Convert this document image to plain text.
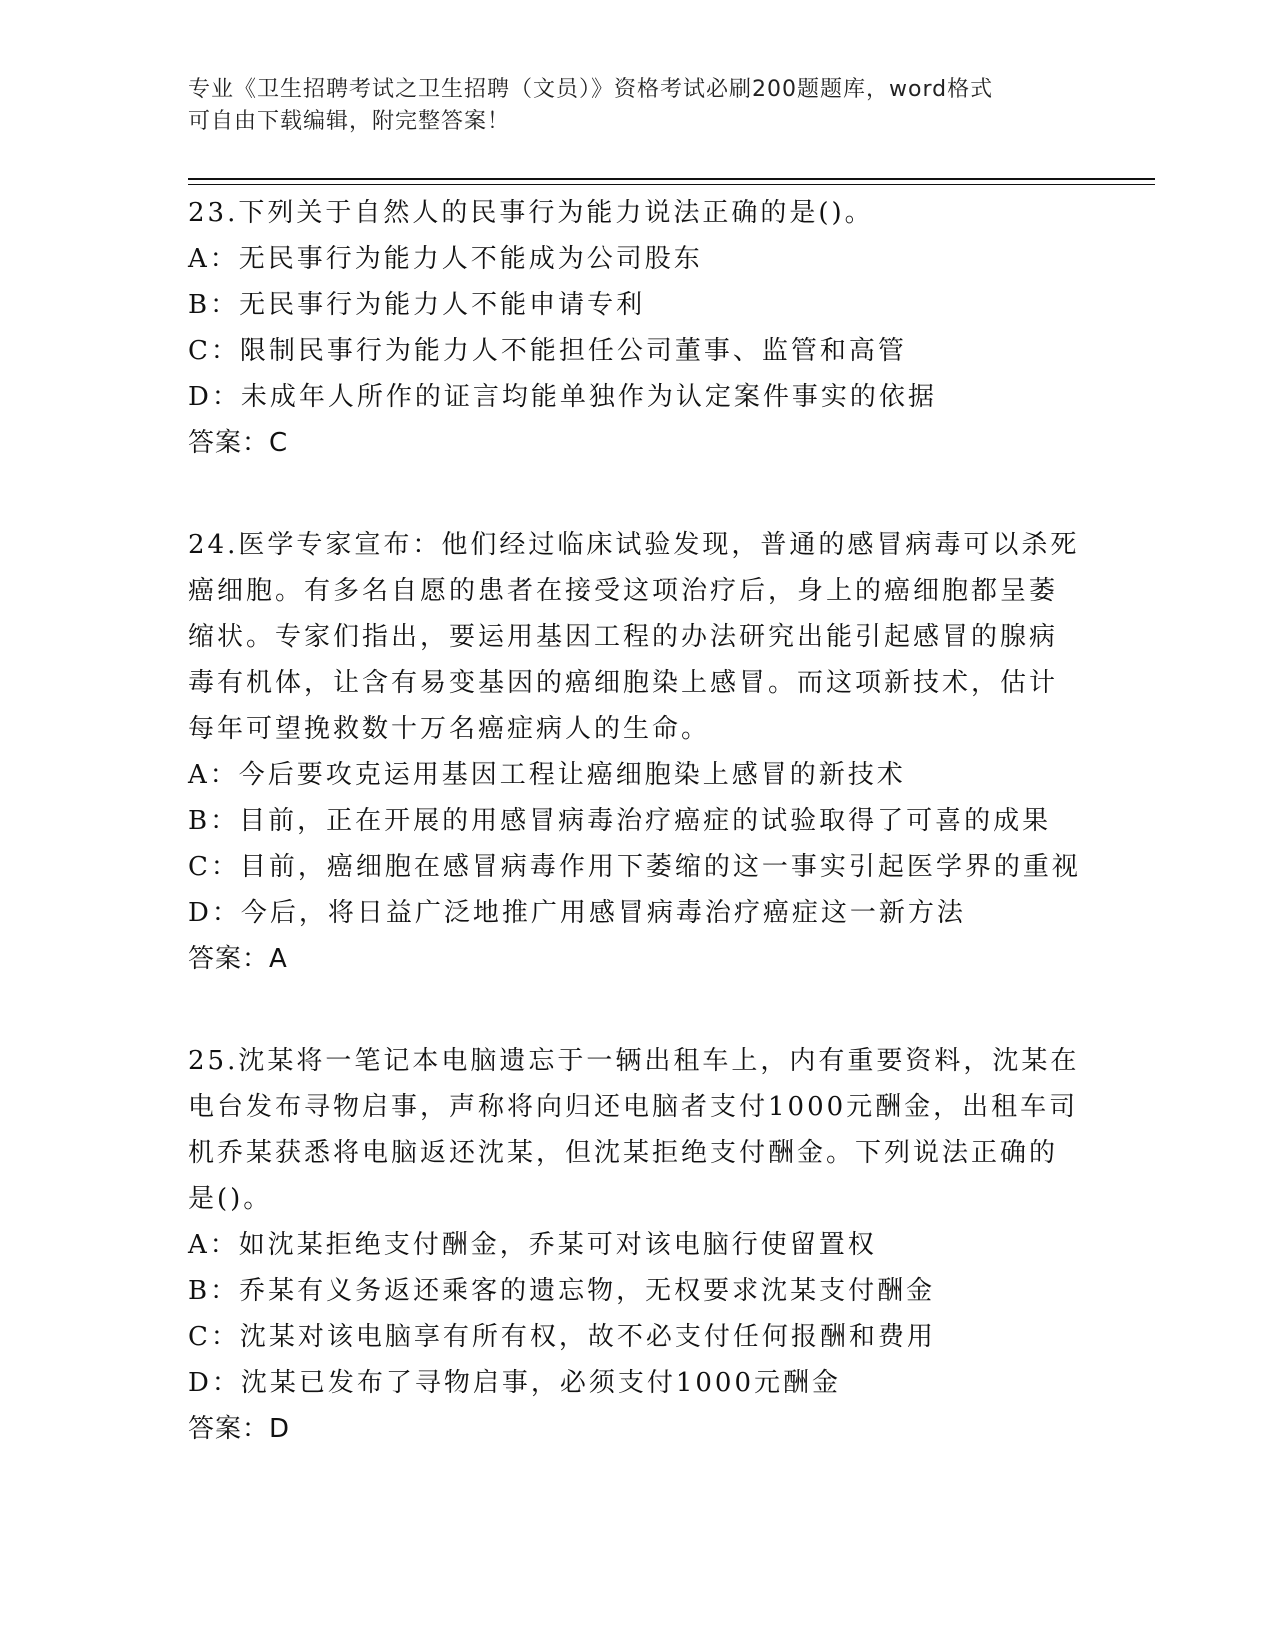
专业《卫生招聘考试之卫生招聘（文员）》资格考试必刷200题题库，word格式
可自由下载编辑，附完整答案！

23.下列关于自然人的民事行为能力说法正确的是()。

A：无民事行为能力人不能成为公司股东

B：无民事行为能力人不能申请专利

C：限制民事行为能力人不能担任公司董事、监管和高管

D：未成年人所作的证言均能单独作为认定案件事实的依据

答案：C

24.医学专家宣布：他们经过临床试验发现，普通的感冒病毒可以杀死

癌细胞。有多名自愿的患者在接受这项治疗后，身上的癌细胞都呈萎

缩状。专家们指出，要运用基因工程的办法研究出能引起感冒的腺病

毒有机体，让含有易变基因的癌细胞染上感冒。而这项新技术，估计

每年可望挽救数十万名癌症病人的生命。

A：今后要攻克运用基因工程让癌细胞染上感冒的新技术

B：目前，正在开展的用感冒病毒治疗癌症的试验取得了可喜的成果

C：目前，癌细胞在感冒病毒作用下萎缩的这一事实引起医学界的重视

D：今后，将日益广泛地推广用感冒病毒治疗癌症这一新方法

答案：A

25.沈某将一笔记本电脑遗忘于一辆出租车上，内有重要资料，沈某在

电台发布寻物启事，声称将向归还电脑者支付1000元酬金，出租车司

机乔某获悉将电脑返还沈某，但沈某拒绝支付酬金。下列说法正确的

是()。

A：如沈某拒绝支付酬金，乔某可对该电脑行使留置权

B：乔某有义务返还乘客的遗忘物，无权要求沈某支付酬金

C：沈某对该电脑享有所有权，故不必支付任何报酬和费用

D：沈某已发布了寻物启事，必须支付1000元酬金

答案：D
